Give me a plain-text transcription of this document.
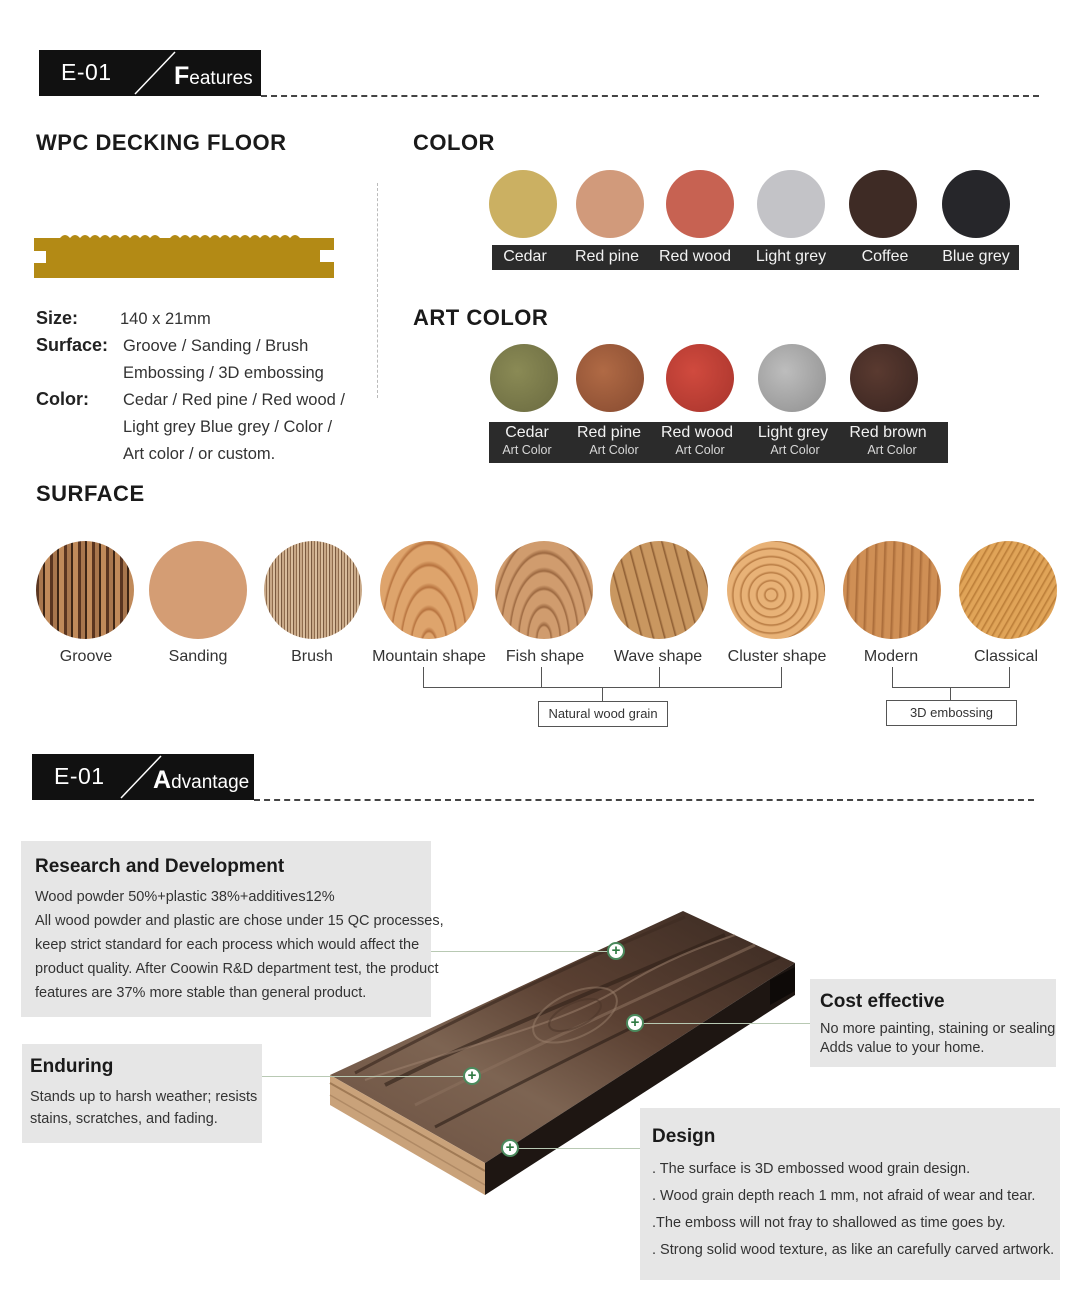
E-01 Features
WPC DECKING FLOOR
Size:	140 x 21mm
Surface: Groove / Sanding / Brush
Embossing / 3D embossing
Color: Cedar / Red pine / Red wood /
Light grey Blue grey / Color /
Art color / or custom.
COLOR
Cedar	Red pine	Red wood	Light grey	Coffee	Blue grey
ART COLOR
Cedar
Art Color
Red pine
Art Color
Red wood
Art Color
Light grey
Art Color
Red brown
Art Color
SURFACE
Groove	Sanding	Brush	Mountain shape	Fish shape	Wave shape	Cluster shape	Modern	Classical
Natural wood grain	3D embossing
E-01 Advantage
+
+
+
+
Research and Development
Wood powder 50%+plastic 38%+additives12%
All wood powder and plastic are chose under 15 QC processes,
keep strict standard for each process which would affect the
product quality. After Coowin R&D department test, the product
features are 37% more stable than general product.	Cost effective
No more painting, staining or sealing
Adds value to your home.
Enduring
Stands up to harsh weather; resists
stains, scratches, and fading.
Design
. The surface is 3D embossed wood grain design.
. Wood grain depth reach 1 mm, not afraid of wear and tear.
.The emboss will not fray to shallowed as time goes by.
. Strong solid wood texture, as like an carefully carved artwork.
